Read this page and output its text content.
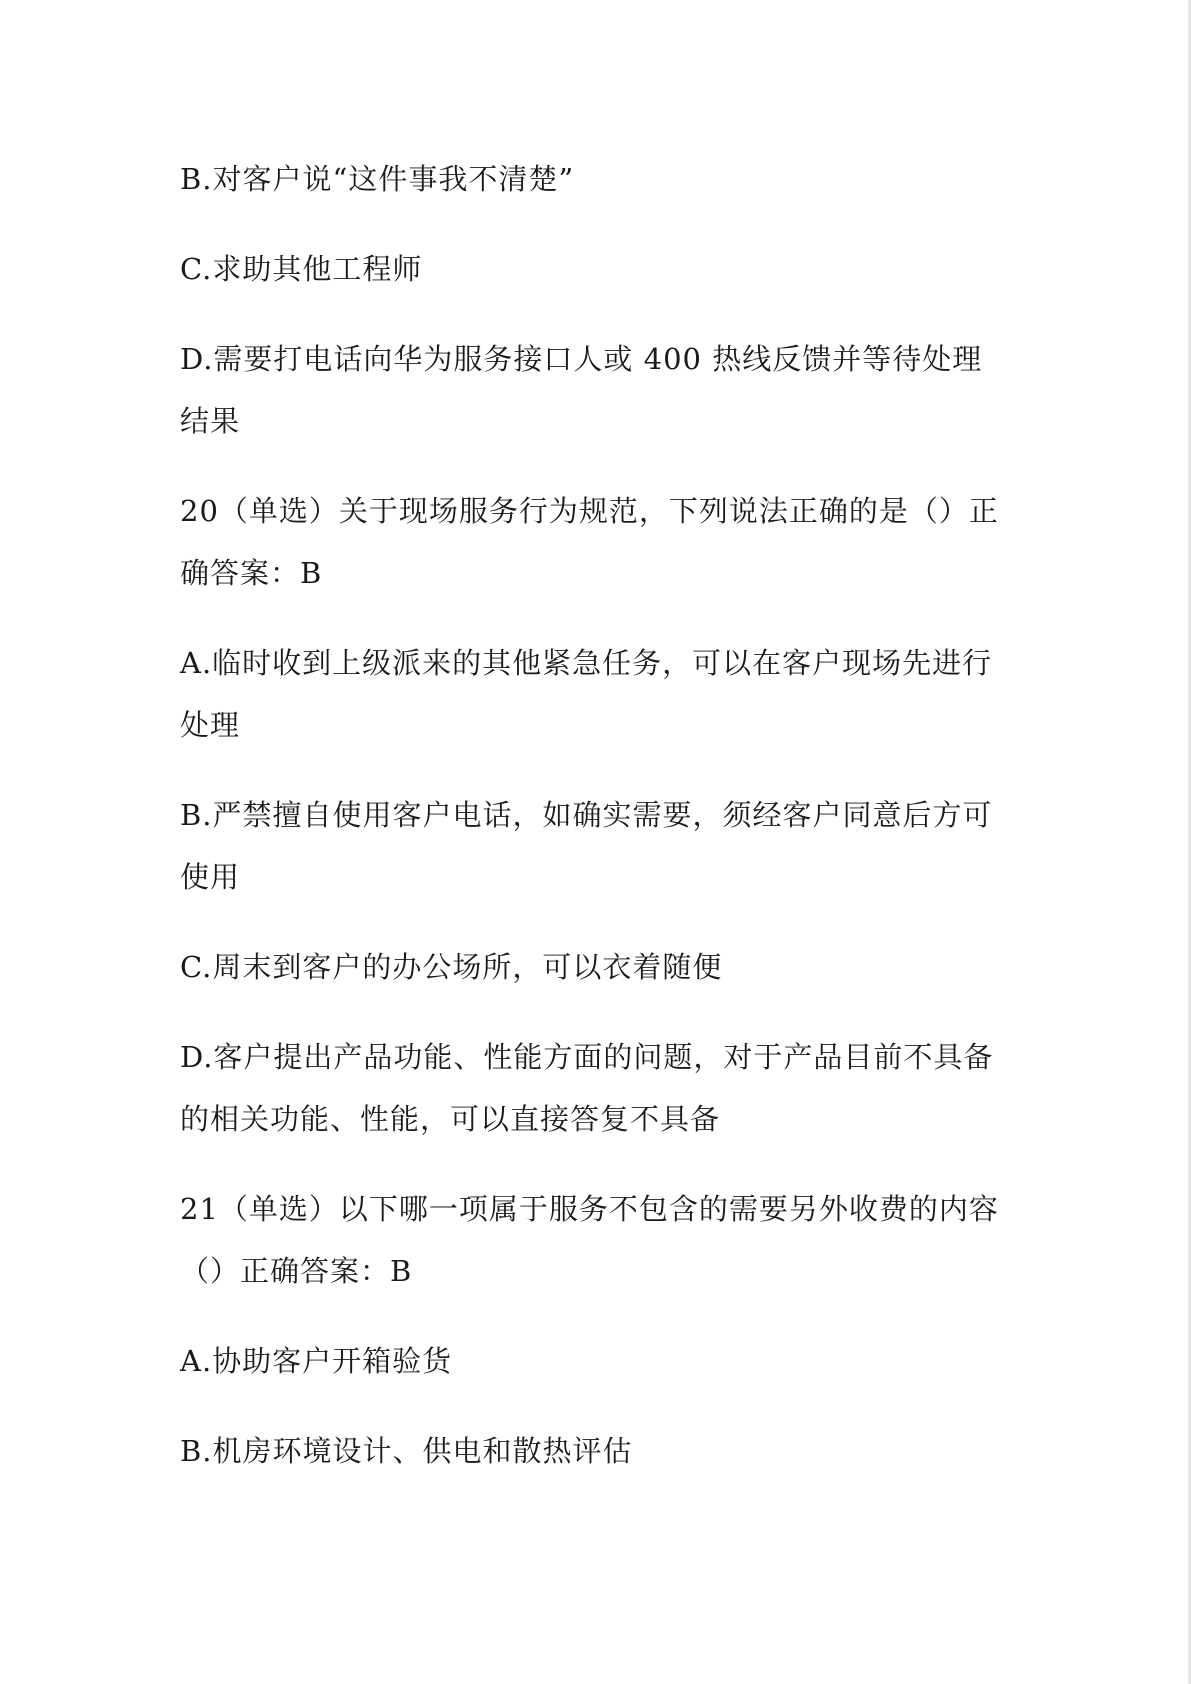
B.对客户说“这件事我不清楚”

C.求助其他工程师

D.需要打电话向华为服务接口人或 400 热线反馈并等待处理结果

20（单选）关于现场服务行为规范，下列说法正确的是（）正确答案：B

A.临时收到上级派来的其他紧急任务，可以在客户现场先进行处理

B.严禁擅自使用客户电话，如确实需要，须经客户同意后方可使用

C.周末到客户的办公场所，可以衣着随便

D.客户提出产品功能、性能方面的问题，对于产品目前不具备的相关功能、性能，可以直接答复不具备

21（单选）以下哪一项属于服务不包含的需要另外收费的内容（）正确答案：B

A.协助客户开箱验货

B.机房环境设计、供电和散热评估
